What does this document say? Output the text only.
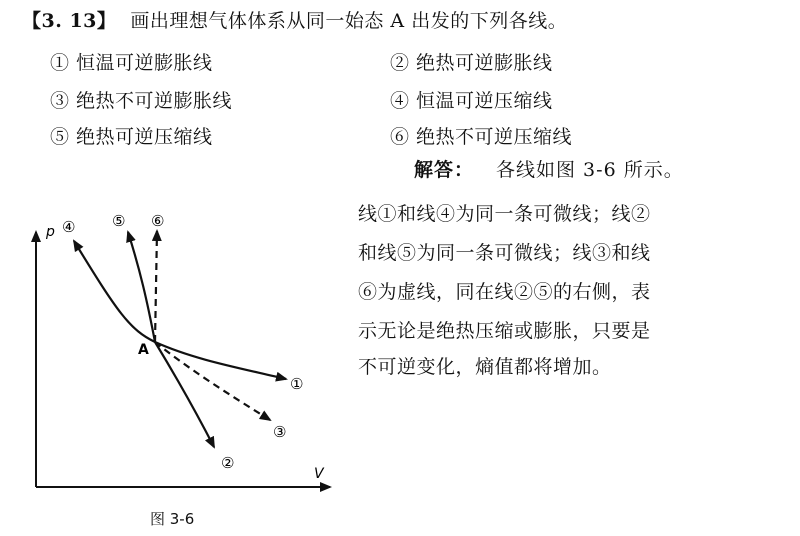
【3. 13】 画出理想气体体系从同一始态 A 出发的下列各线。
① 恒温可逆膨胀线	② 绝热可逆膨胀线
③ 绝热不可逆膨胀线	④ 恒温可逆压缩线
⑤ 绝热可逆压缩线	⑥ 绝热不可逆压缩线
解答： 各线如图 3-6 所示。
线①和线④为同一条可微线；线②
和线⑤为同一条可微线；线③和线
⑥为虚线，同在线②⑤的右侧，表
示无论是绝热压缩或膨胀，只要是
不可逆变化，熵值都将增加。
p
V
A
④ ⑤ ⑥
①
③
②
图 3-6
